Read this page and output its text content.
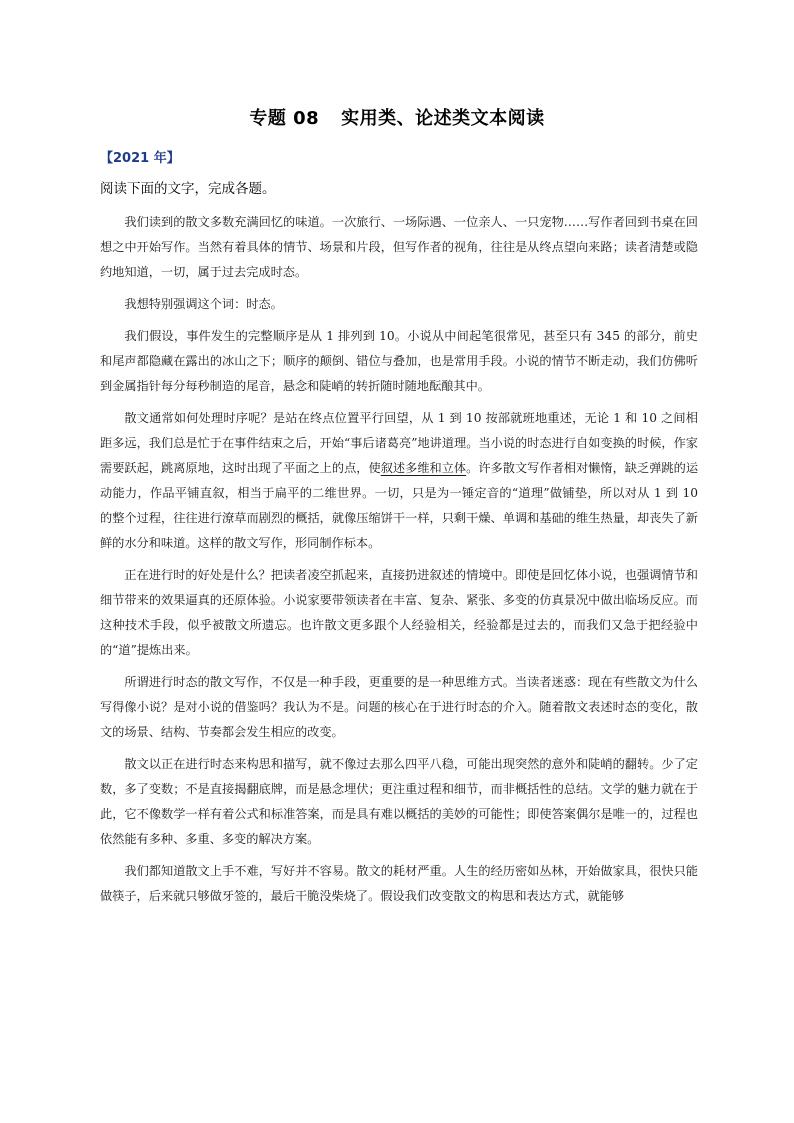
专题 08 实用类、论述类文本阅读
【2021 年】
阅读下面的文字，完成各题。

我们读到的散文多数充满回忆的味道。一次旅行、一场际遇、一位亲人、一只宠物……写作者回到书桌在回想之中开始写作。当然有着具体的情节、场景和片段，但写作者的视角，往往是从终点望向来路；读者清楚或隐约地知道，一切，属于过去完成时态。

我想特别强调这个词：时态。

我们假设，事件发生的完整顺序是从 1 排列到 10。小说从中间起笔很常见，甚至只有 345 的部分，前史和尾声都隐藏在露出的冰山之下；顺序的颠倒、错位与叠加，也是常用手段。小说的情节不断走动，我们仿佛听到金属指针每分每秒制造的尾音，悬念和陡峭的转折随时随地酝酿其中。

散文通常如何处理时序呢？是站在终点位置平行回望，从 1 到 10 按部就班地重述，无论 1 和 10 之间相距多远，我们总是忙于在事件结束之后，开始“事后诸葛亮”地讲道理。当小说的时态进行自如变换的时候，作家需要跃起，跳离原地，这时出现了平面之上的点，使叙述多维和立体。许多散文写作者相对懒惰，缺乏弹跳的运动能力，作品平铺直叙，相当于扁平的二维世界。一切，只是为一锤定音的“道理”做铺垫，所以对从 1 到 10 的整个过程，往往进行潦草而剧烈的概括，就像压缩饼干一样，只剩干燥、单调和基础的维生热量，却丧失了新鲜的水分和味道。这样的散文写作，形同制作标本。

正在进行时的好处是什么？把读者凌空抓起来，直接扔进叙述的情境中。即使是回忆体小说，也强调情节和细节带来的效果逼真的还原体验。小说家要带领读者在丰富、复杂、紧张、多变的仿真景况中做出临场反应。而这种技术手段，似乎被散文所遗忘。也许散文更多跟个人经验相关，经验都是过去的，而我们又急于把经验中的“道”提炼出来。

所谓进行时态的散文写作，不仅是一种手段，更重要的是一种思维方式。当读者迷惑：现在有些散文为什么写得像小说？是对小说的借鉴吗？我认为不是。问题的核心在于进行时态的介入。随着散文表述时态的变化，散文的场景、结构、节奏都会发生相应的改变。

散文以正在进行时态来构思和描写，就不像过去那么四平八稳，可能出现突然的意外和陡峭的翻转。少了定数，多了变数；不是直接揭翻底牌，而是悬念埋伏；更注重过程和细节，而非概括性的总结。文学的魅力就在于此，它不像数学一样有着公式和标准答案，而是具有难以概括的美妙的可能性；即使答案偶尔是唯一的，过程也依然能有多种、多重、多变的解决方案。

我们都知道散文上手不难，写好并不容易。散文的耗材严重。人生的经历密如丛林，开始做家具，很快只能做筷子，后来就只够做牙签的，最后干脆没柴烧了。假设我们改变散文的构思和表达方式，就能够
